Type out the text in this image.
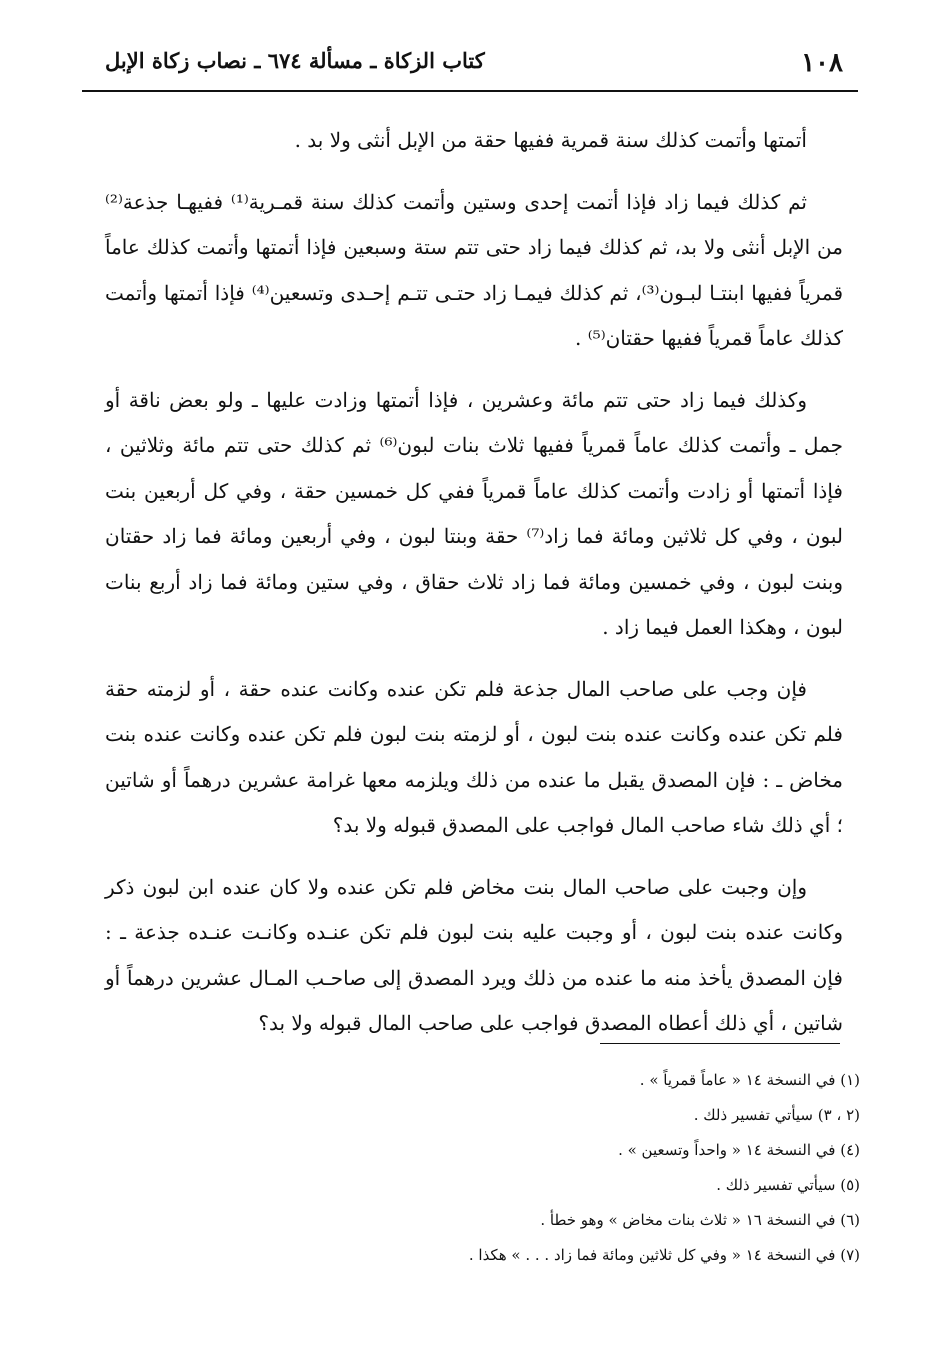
١٠٨
كتاب الزكاة ـ مسألة ٦٧٤ ـ نصاب زكاة الإبل

أتمتها وأتمت كذلك سنة قمرية ففيها حقة من الإبل أنثى ولا بد .

ثم كذلك فيما زاد فإذا أتمت إحدى وستين وأتمت كذلك سنة قمـرية⁽¹⁾ ففيهـا جذعة⁽²⁾ من الإبل أنثى ولا بد، ثم كذلك فيما زاد حتى تتم ستة وسبعين فإذا أتمتها وأتمت كذلك عاماً قمرياً ففيها ابنتـا لبـون⁽³⁾، ثم كذلك فيمـا زاد حتـى تتـم إحـدى وتسعين⁽⁴⁾ فإذا أتمتها وأتمت كذلك عاماً قمرياً ففيها حقتان⁽⁵⁾ .

وكذلك فيما زاد حتى تتم مائة وعشرين ، فإذا أتمتها وزادت عليها ـ ولو بعض ناقة أو جمل ـ وأتمت كذلك عاماً قمرياً ففيها ثلاث بنات لبون⁽⁶⁾ ثم كذلك حتى تتم مائة وثلاثين ، فإذا أتمتها أو زادت وأتمت كذلك عاماً قمرياً ففي كل خمسين حقة ، وفي كل أربعين بنت لبون ، وفي كل ثلاثين ومائة فما زاد⁽⁷⁾ حقة وبنتا لبون ، وفي أربعين ومائة فما زاد حقتان وبنت لبون ، وفي خمسين ومائة فما زاد ثلاث حقاق ، وفي ستين ومائة فما زاد أربع بنات لبون ، وهكذا العمل فيما زاد .

فإن وجب على صاحب المال جذعة فلم تكن عنده وكانت عنده حقة ، أو لزمته حقة فلم تكن عنده وكانت عنده بنت لبون ، أو لزمته بنت لبون فلم تكن عنده وكانت عنده بنت مخاض ـ : فإن المصدق يقبل ما عنده من ذلك ويلزمه معها غرامة عشرين درهماً أو شاتين ؛ أي ذلك شاء صاحب المال فواجب على المصدق قبوله ولا بد؟

وإن وجبت على صاحب المال بنت مخاض فلم تكن عنده ولا كان عنده ابن لبون ذكر وكانت عنده بنت لبون ، أو وجبت عليه بنت لبون فلم تكن عنـده وكانـت عنـده جذعة ـ : فإن المصدق يأخذ منه ما عنده من ذلك ويرد المصدق إلى صاحـب المـال عشرين درهماً أو شاتين ، أي ذلك أعطاه المصدق فواجب على صاحب المال قبوله ولا بد؟

(١) في النسخة ١٤ « عاماً قمرياً » .
(٢ ، ٣) سيأتي تفسير ذلك .
(٤) في النسخة ١٤ « واحداً وتسعين » .
(٥) سيأتي تفسير ذلك .
(٦) في النسخة ١٦ « ثلاث بنات مخاض » وهو خطأ .
(٧) في النسخة ١٤ « وفي كل ثلاثين ومائة فما زاد . . . » هكذا .
